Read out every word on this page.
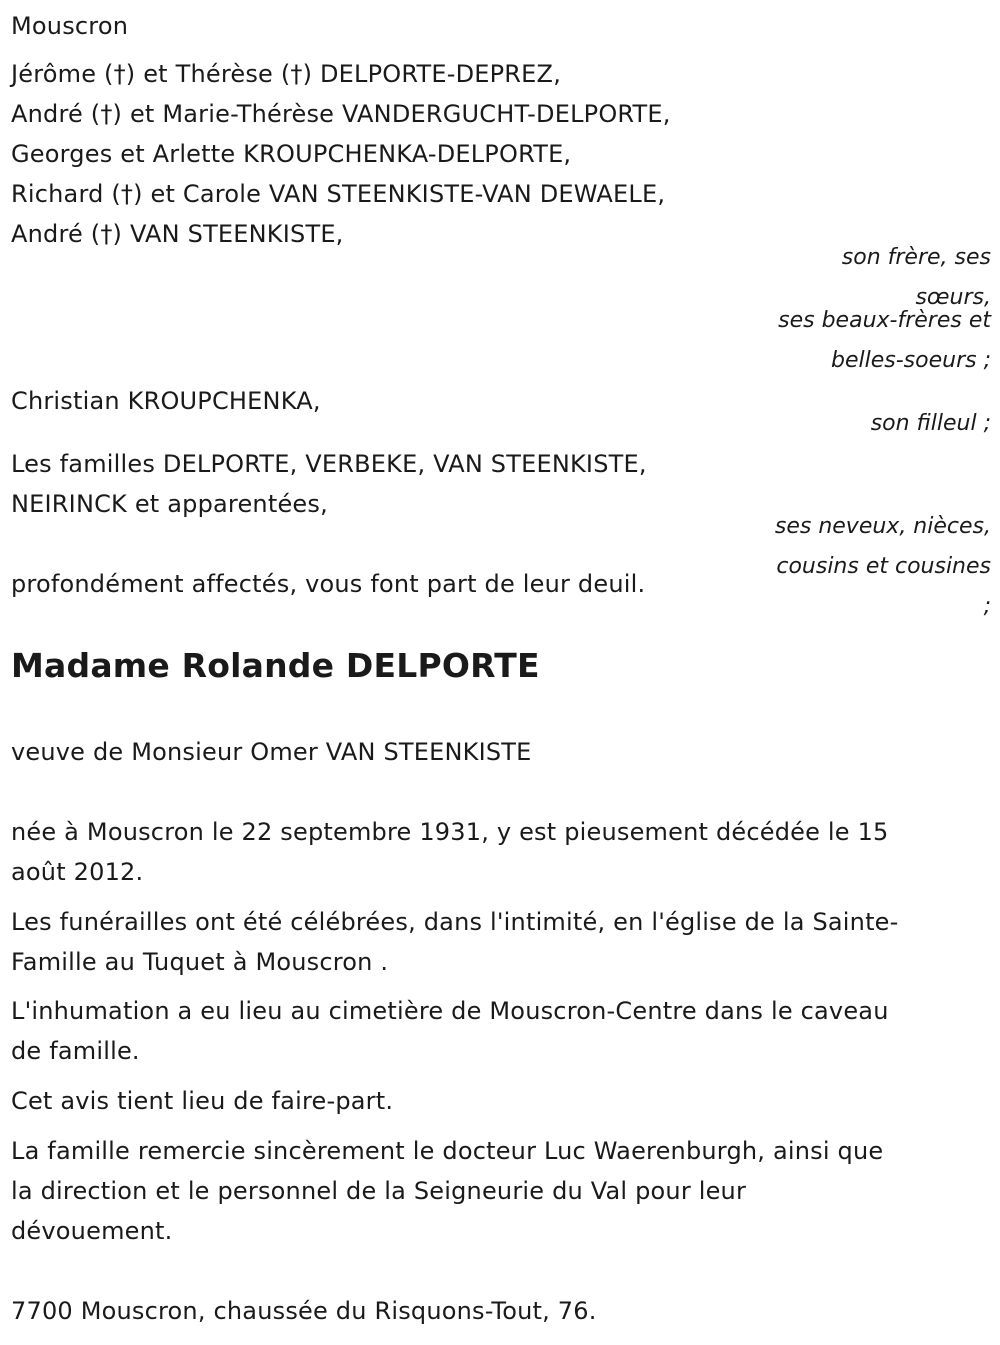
Mouscron
Jérôme (†) et Thérèse (†) DELPORTE-DEPREZ,
André (†) et Marie-Thérèse VANDERGUCHT-DELPORTE,
Georges et Arlette KROUPCHENKA-DELPORTE,
Richard (†) et Carole VAN STEENKISTE-VAN DEWAELE,
André (†) VAN STEENKISTE,
son frère, ses
sœurs,
ses beaux-frères et
belles-soeurs ;
Christian KROUPCHENKA,
son filleul ;
Les familles DELPORTE, VERBEKE, VAN STEENKISTE,
NEIRINCK et apparentées,
ses neveux, nièces,
cousins et cousines
;
profondément affectés, vous font part de leur deuil.
Madame Rolande DELPORTE
veuve de Monsieur Omer VAN STEENKISTE
née à Mouscron le 22 septembre 1931, y est pieusement décédée le 15
août 2012.
Les funérailles ont été célébrées, dans l'intimité, en l'église de la Sainte-
Famille au Tuquet à Mouscron .
L'inhumation a eu lieu au cimetière de Mouscron-Centre dans le caveau
de famille.
Cet avis tient lieu de faire-part.
La famille remercie sincèrement le docteur Luc Waerenburgh, ainsi que
la direction et le personnel de la Seigneurie du Val pour leur
dévouement.
7700 Mouscron, chaussée du Risquons-Tout, 76.
